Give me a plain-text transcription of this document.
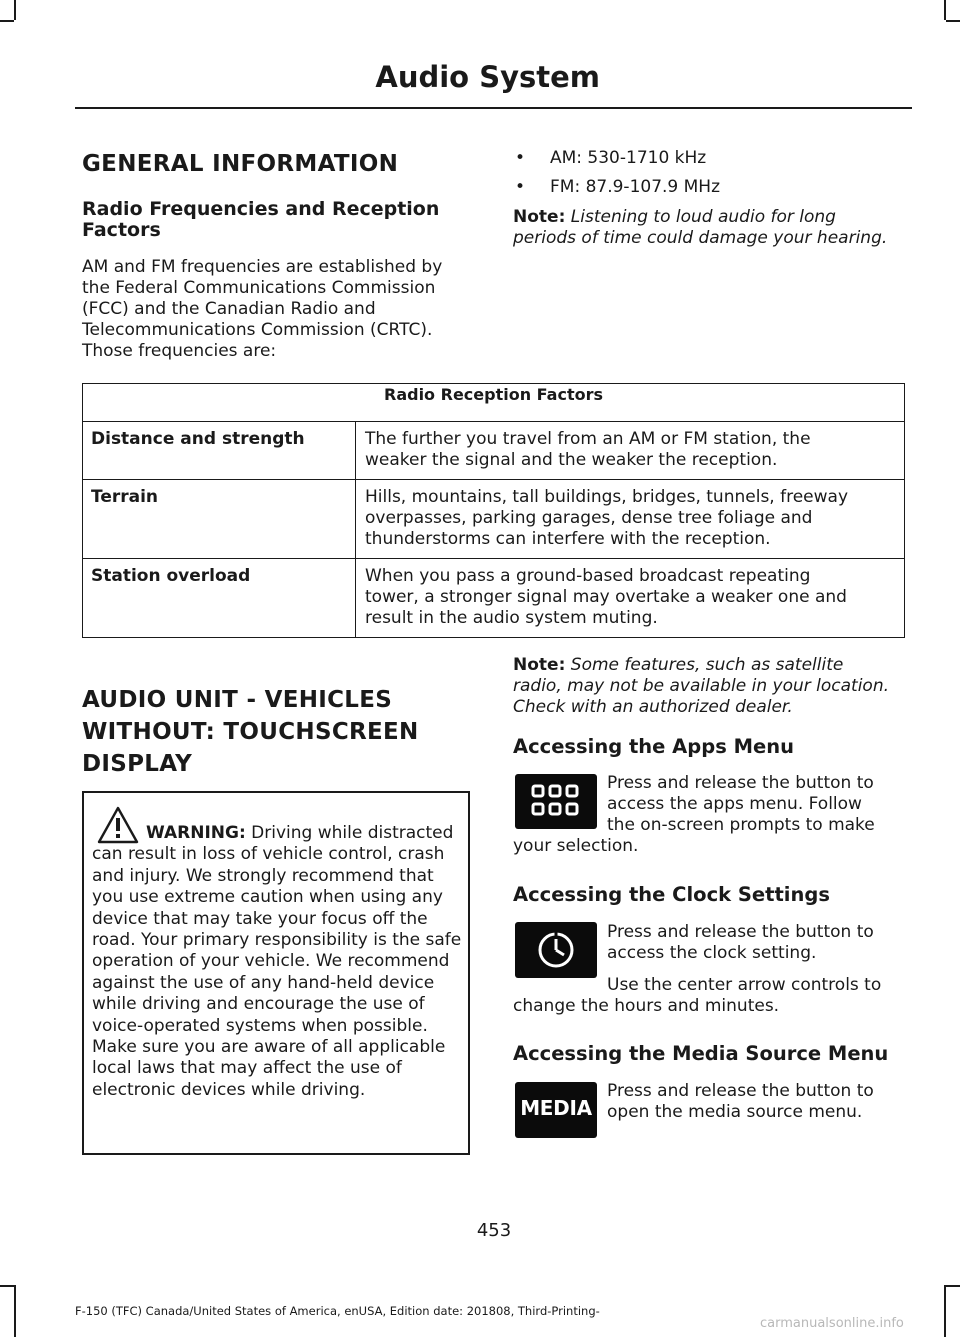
Audio System
GENERAL INFORMATION
Radio Frequencies and Reception
Factors
AM and FM frequencies are established by
the Federal Communications Commission
(FCC) and the Canadian Radio and
Telecommunications Commission (CRTC).
Those frequencies are:
• AM: 530-1710 kHz
• FM: 87.9-107.9 MHz
Note: Listening to loud audio for long
periods of time could damage your hearing.
Radio Reception Factors	
Distance and strength	The further you travel from an AM or FM station, the
weaker the signal and the weaker the reception.

Terrain	Hills, mountains, tall buildings, bridges, tunnels, freeway
overpasses, parking garages, dense tree foliage and
thunderstorms can interfere with the reception.

Station overload	When you pass a ground-based broadcast repeating
tower, a stronger signal may overtake a weaker one and
result in the audio system muting.
AUDIO UNIT - VEHICLES
WITHOUT: TOUCHSCREEN
DISPLAY
WARNING: Driving while distracted can result in loss of vehicle control, crash and injury. We strongly recommend that you use extreme caution when using any device that may take your focus off the road. Your primary responsibility is the safe operation of your vehicle. We recommend against the use of any hand-held device while driving and encourage the use of voice-operated systems when possible. Make sure you are aware of all applicable local laws that may affect the use of electronic devices while driving.
Note: Some features, such as satellite
radio, may not be available in your location.
Check with an authorized dealer.
Accessing the Apps Menu
Press and release the button to
access the apps menu. Follow
the on-screen prompts to make
your selection.
Accessing the Clock Settings
Press and release the button to
access the clock setting.
Use the center arrow controls to
change the hours and minutes.
Accessing the Media Source Menu
MEDIA
Press and release the button to
open the media source menu.
453
F-150 (TFC) Canada/United States of America, enUSA, Edition date: 201808, Third-Printing-
carmanualsonline.info
